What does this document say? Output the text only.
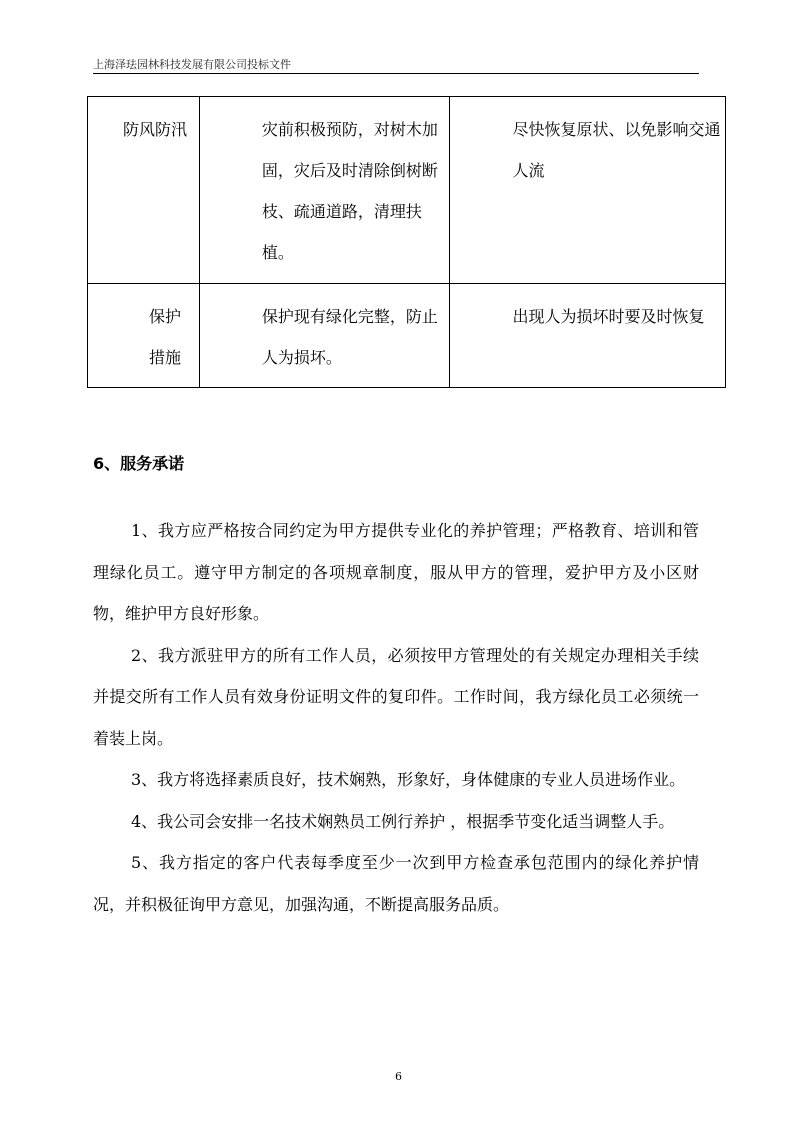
上海泽珐园林科技发展有限公司投标文件
防风防汛	灾前积极预防，对树木加固，灾后及时清除倒树断枝、疏通道路，清理扶植。	尽快恢复原状、以免影响交通人流

保护措施	保护现有绿化完整，防止人为损坏。	出现人为损坏时要及时恢复
6、服务承诺

1、我方应严格按合同约定为甲方提供专业化的养护管理；严格教育、培训和管理绿化员工。遵守甲方制定的各项规章制度，服从甲方的管理，爱护甲方及小区财物，维护甲方良好形象。

2、我方派驻甲方的所有工作人员，必须按甲方管理处的有关规定办理相关手续并提交所有工作人员有效身份证明文件的复印件。工作时间，我方绿化员工必须统一着装上岗。

3、我方将选择素质良好，技术娴熟，形象好，身体健康的专业人员进场作业。

4、我公司会安排一名技术娴熟员工例行养护 ，根据季节变化适当调整人手。

5、我方指定的客户代表每季度至少一次到甲方检查承包范围内的绿化养护情况，并积极征询甲方意见，加强沟通，不断提高服务品质。

6
